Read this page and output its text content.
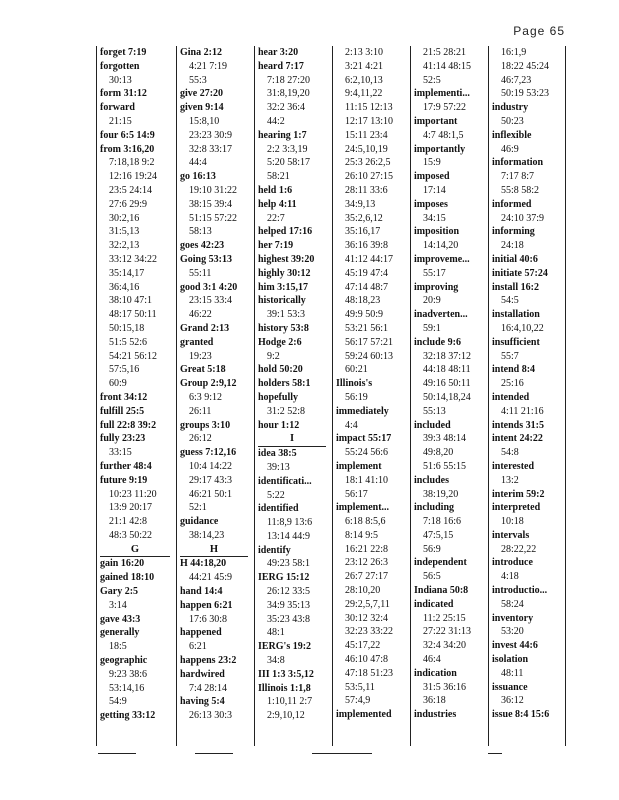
Page 65
forget 7:19
forgotten
30:13
form 31:12
forward
21:15
four 6:5 14:9
from 3:16,20
7:18,18 9:2
12:16 19:24
23:5 24:14
27:6 29:9
30:2,16
31:5,13
32:2,13
33:12 34:22
35:14,17
36:4,16
38:10 47:1
48:17 50:11
50:15,18
51:5 52:6
54:21 56:12
57:5,16
60:9
front 34:12
fulfill 25:5
full 22:8 39:2
fully 23:23
33:15
further 48:4
future 9:19
10:23 11:20
13:9 20:17
21:1 42:8
48:3 50:22
G
gain 16:20
gained 18:10
Gary 2:5
3:14
gave 43:3
generally
18:5
geographic
9:23 38:6
53:14,16
54:9
getting 33:12
Gina 2:12
4:21 7:19
55:3
give 27:20
given 9:14
15:8,10
23:23 30:9
32:8 33:17
44:4
go 16:13
19:10 31:22
38:15 39:4
51:15 57:22
58:13
goes 42:23
Going 53:13
55:11
good 3:1 4:20
23:15 33:4
46:22
Grand 2:13
granted
19:23
Great 5:18
Group 2:9,12
6:3 9:12
26:11
groups 3:10
26:12
guess 7:12,16
10:4 14:22
29:17 43:3
46:21 50:1
52:1
guidance
38:14,23
H
H 44:18,20
44:21 45:9
hand 14:4
happen 6:21
17:6 30:8
happened
6:21
happens 23:2
hardwired
7:4 28:14
having 5:4
26:13 30:3
hear 3:20
heard 7:17
7:18 27:20
31:8,19,20
32:2 36:4
44:2
hearing 1:7
2:2 3:3,19
5:20 58:17
58:21
held 1:6
help 4:11
22:7
helped 17:16
her 7:19
highest 39:20
highly 30:12
him 3:15,17
historically
39:1 53:3
history 53:8
Hodge 2:6
9:2
hold 50:20
holders 58:1
hopefully
31:2 52:8
hour 1:12
I
idea 38:5
39:13
identificati...
5:22
identified
11:8,9 13:6
13:14 44:9
identify
49:23 58:1
IERG 15:12
26:12 33:5
34:9 35:13
35:23 43:8
48:1
IERG's 19:2
34:8
III 1:3 3:5,12
Illinois 1:1,8
1:10,11 2:7
2:9,10,12
2:13 3:10
3:21 4:21
6:2,10,13
9:4,11,22
11:15 12:13
12:17 13:10
15:11 23:4
24:5,10,19
25:3 26:2,5
26:10 27:15
28:11 33:6
34:9,13
35:2,6,12
35:16,17
36:16 39:8
41:12 44:17
45:19 47:4
47:14 48:7
48:18,23
49:9 50:9
53:21 56:1
56:17 57:21
59:24 60:13
60:21
Illinois's
56:19
immediately
4:4
impact 55:17
55:24 56:6
implement
18:1 41:10
56:17
implement...
6:18 8:5,6
8:14 9:5
16:21 22:8
23:12 26:3
26:7 27:17
28:10,20
29:2,5,7,11
30:12 32:4
32:23 33:22
45:17,22
46:10 47:8
47:18 51:23
53:5,11
57:4,9
implemented
21:5 28:21
41:14 48:15
52:5
implementi...
17:9 57:22
important
4:7 48:1,5
importantly
15:9
imposed
17:14
imposes
34:15
imposition
14:14,20
improveme...
55:17
improving
20:9
inadverten...
59:1
include 9:6
32:18 37:12
44:18 48:11
49:16 50:11
50:14,18,24
55:13
included
39:3 48:14
49:8,20
51:6 55:15
includes
38:19,20
including
7:18 16:6
47:5,15
56:9
independent
56:5
Indiana 50:8
indicated
11:2 25:15
27:22 31:13
32:4 34:20
46:4
indication
31:5 36:16
36:18
industries
16:1,9
18:22 45:24
46:7,23
50:19 53:23
industry
50:23
inflexible
46:9
information
7:17 8:7
55:8 58:2
informed
24:10 37:9
informing
24:18
initial 40:6
initiate 57:24
install 16:2
54:5
installation
16:4,10,22
insufficient
55:7
intend 8:4
25:16
intended
4:11 21:16
intends 31:5
intent 24:22
54:8
interested
13:2
interim 59:2
interpreted
10:18
intervals
28:22,22
introduce
4:18
introductio...
58:24
inventory
53:20
invest 44:6
isolation
48:11
issuance
36:12
issue 8:4 15:6
